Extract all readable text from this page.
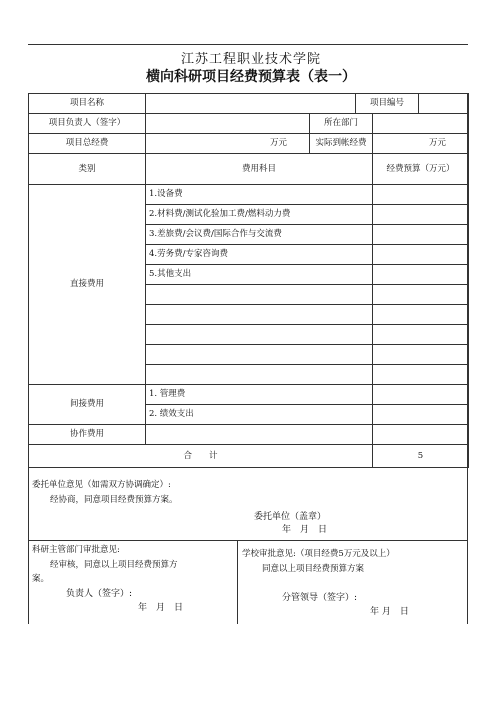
江苏工程职业技术学院
横向科研项目经费预算表（表一）
项目名称			项目编号	

项目负责人（签字）		所在部门		
项目总经费	万元	实际到帐经费		万元
类别	费用科目			经费预算（万元）
直接费用	1.设备费			
	2.材料费/测试化验加工费/燃料动力费			
	3.差旅费/会议费/国际合作与交流费			
	4.劳务费/专家咨询费			
	5.其他支出			

间接费用	1. 管理费			
	2. 绩效支出			
协作费用				
合　　计				5
委托单位意见（如需双方协调确定）:
经协商，同意项目经费预算方案。
委托单位（盖章）
年　月　日
科研主管部门审批意见:
经审核，同意以上项目经费预算方
案。
负责人（签字）:
年　月　日
学校审批意见:（项目经费5万元及以上）
同意以上项目经费预算方案
分管领导（签字）:
年 月　日
